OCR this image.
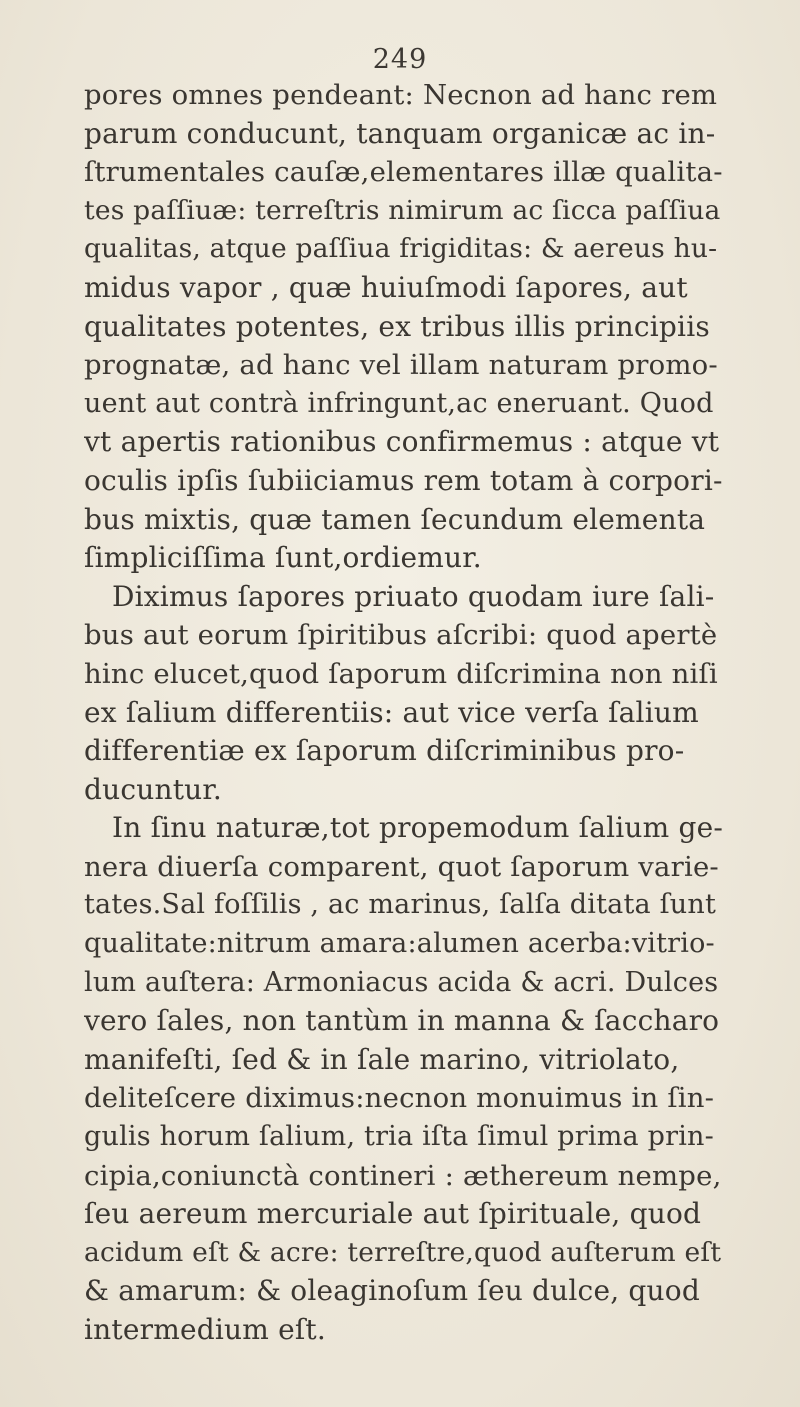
249
pores omnes pendeant: Necnon ad hanc rem
parum conducunt, tanquam organicæ ac in-
ſtrumentales cauſæ,elementares illæ qualita-
tes paſſiuæ: terreſtris nimirum ac ſicca paſſiua
qualitas, atque paſſiua frigiditas: & aereus hu-
midus vapor , quæ huiuſmodi ſapores, aut
qualitates potentes, ex tribus illis principiis
prognatæ, ad hanc vel illam naturam promo-
uent aut contrà infringunt,ac eneruant. Quod
vt apertis rationibus confirmemus : atque vt
oculis ipſis ſubiiciamus rem totam à corpori-
bus mixtis, quæ tamen ſecundum elementa
ſimpliciſſima ſunt,ordiemur.
Diximus ſapores priuato quodam iure ſali-
bus aut eorum ſpiritibus aſcribi: quod apertè
hinc elucet,quod ſaporum diſcrimina non niſi
ex ſalium differentiis: aut vice verſa ſalium
differentiæ ex ſaporum diſcriminibus pro-
ducuntur.
In ſinu naturæ,tot propemodum ſalium ge-
nera diuerſa comparent, quot ſaporum varie-
tates.Sal foſſilis , ac marinus, ſalſa ditata ſunt
qualitate:nitrum amara:alumen acerba:vitrio-
lum auſtera: Armoniacus acida & acri. Dulces
vero ſales, non tantùm in manna & ſaccharo
manifeſti, ſed & in ſale marino, vitriolato,
deliteſcere diximus:necnon monuimus in ſin-
gulis horum ſalium, tria iſta ſimul prima prin-
cipia,coniunctà contineri : æthereum nempe,
ſeu aereum mercuriale aut ſpirituale, quod
acidum eſt & acre: terreſtre,quod auſterum eſt
& amarum: & oleaginoſum ſeu dulce, quod
intermedium eſt.
